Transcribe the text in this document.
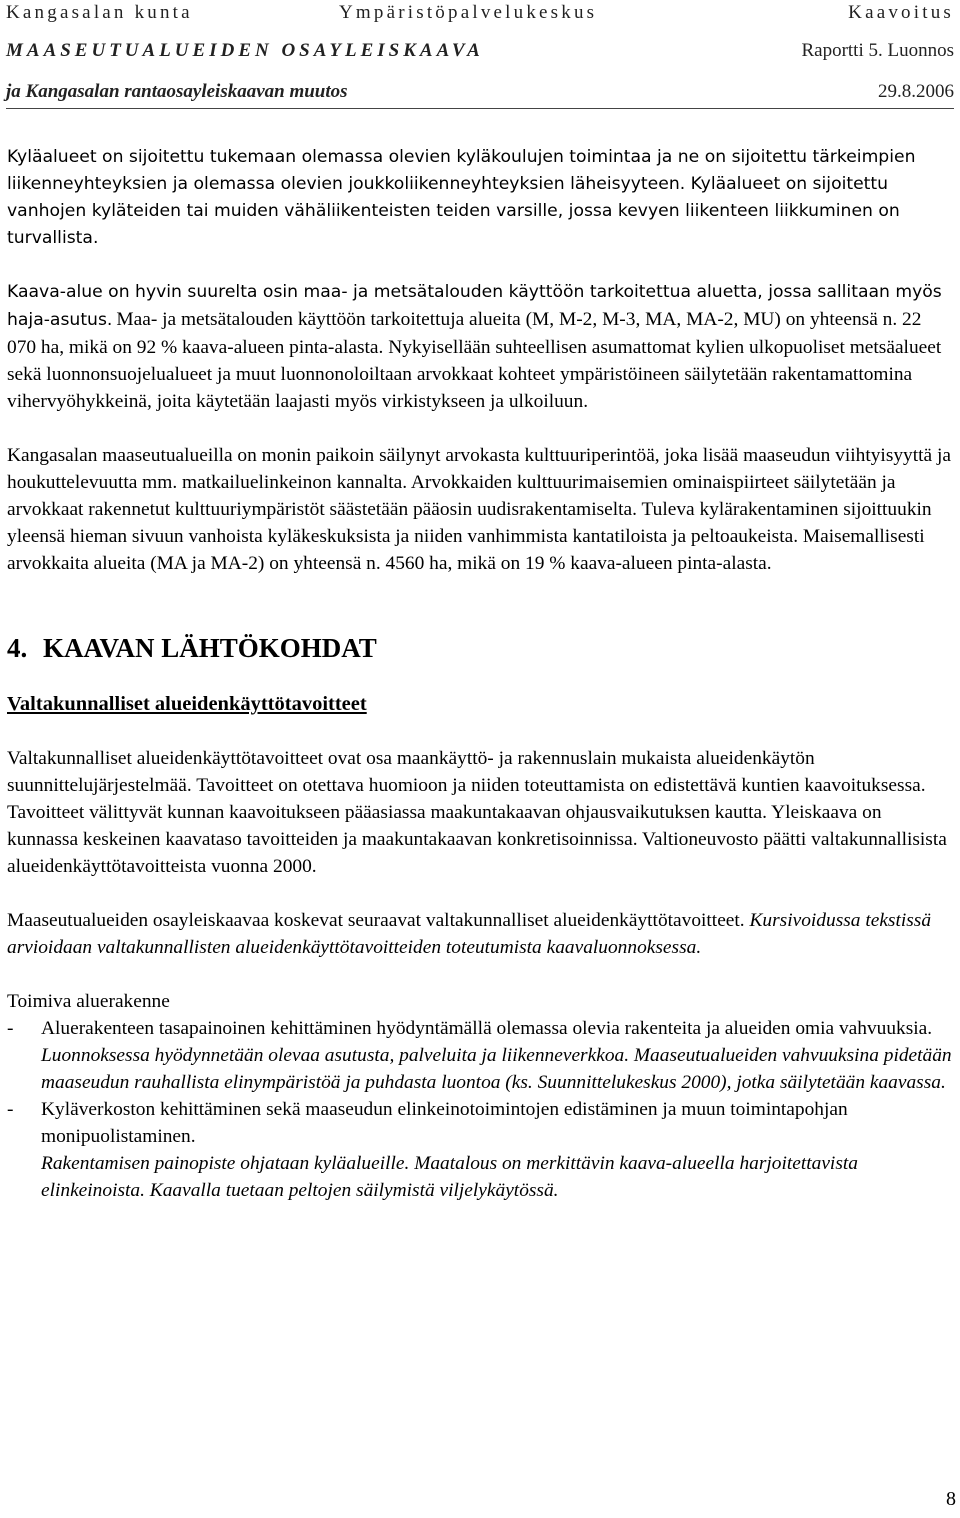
Kangasalan kunta	Ympäristöpalvelukeskus	Kaavoitus
MAASEUTUALUEIDEN OSAYLEISKAAVA	Raportti 5. Luonnos
ja Kangasalan rantaosayleiskaavan muutos	29.8.2006

Kyläalueet on sijoitettu tukemaan olemassa olevien kyläkoulujen toimintaa ja ne on sijoitettu tärkeimpien liikenneyhteyksien ja olemassa olevien joukkoliikenneyhteyksien läheisyyteen. Kyläalueet on sijoitettu vanhojen kyläteiden tai muiden vähäliikenteisten teiden varsille, jossa kevyen liikenteen liikkuminen on turvallista.

Kaava-alue on hyvin suurelta osin maa- ja metsätalouden käyttöön tarkoitettua aluetta, jossa sallitaan myös haja-asutus. Maa- ja metsätalouden käyttöön tarkoitettuja alueita (M, M-2, M-3, MA, MA-2, MU) on yhteensä n. 22 070 ha, mikä on 92 % kaava-alueen pinta-alasta. Nykyisellään suhteellisen asumattomat kylien ulkopuoliset metsäalueet sekä luonnonsuojelualueet ja muut luonnonoloiltaan arvokkaat kohteet ympäristöineen säilytetään rakentamattomina vihervyöhykkeinä, joita käytetään laajasti myös virkistykseen ja ulkoiluun.

Kangasalan maaseutualueilla on monin paikoin säilynyt arvokasta kulttuuriperintöä, joka lisää maaseudun viihtyisyyttä ja houkuttelevuutta mm. matkailuelinkeinon kannalta. Arvokkaiden kulttuurimaisemien ominaispiirteet säilytetään ja arvokkaat rakennetut kulttuuriympäristöt säästetään pääosin uudisrakentamiselta. Tuleva kylärakentaminen sijoittuukin yleensä hieman sivuun vanhoista kyläkeskuksista ja niiden vanhimmista kantatiloista ja peltoaukeista. Maisemallisesti arvokkaita alueita (MA ja MA-2) on yhteensä n. 4560 ha, mikä on 19 % kaava-alueen pinta-alasta.

4. KAAVAN LÄHTÖKOHDAT
Valtakunnalliset alueidenkäyttötavoitteet

Valtakunnalliset alueidenkäyttötavoitteet ovat osa maankäyttö- ja rakennuslain mukaista alueidenkäytön suunnittelujärjestelmää. Tavoitteet on otettava huomioon ja niiden toteuttamista on edistettävä kuntien kaavoituksessa. Tavoitteet välittyvät kunnan kaavoitukseen pääasiassa maakuntakaavan ohjausvaikutuksen kautta. Yleiskaava on kunnassa keskeinen kaavataso tavoitteiden ja maakuntakaavan konkretisoinnissa. Valtioneuvosto päätti valtakunnallisista alueidenkäyttötavoitteista vuonna 2000.

Maaseutualueiden osayleiskaavaa koskevat seuraavat valtakunnalliset alueidenkäyttötavoitteet. Kursivoidussa tekstissä arvioidaan valtakunnallisten alueidenkäyttötavoitteiden toteutumista kaavaluonnoksessa.

Toimiva aluerakenne

-	Aluerakenteen tasapainoinen kehittäminen hyödyntämällä olemassa olevia rakenteita ja alueiden omia vahvuuksia.
Luonnoksessa hyödynnetään olevaa asutusta, palveluita ja liikenneverkkoa. Maaseutualueiden vahvuuksina pidetään maaseudun rauhallista elinympäristöä ja puhdasta luontoa (ks. Suunnittelukeskus 2000), jotka säilytetään kaavassa.
-	Kyläverkoston kehittäminen sekä maaseudun elinkeinotoimintojen edistäminen ja muun toimintapohjan monipuolistaminen.
Rakentamisen painopiste ohjataan kyläalueille. Maatalous on merkittävin kaava-alueella harjoitettavista elinkeinoista. Kaavalla tuetaan peltojen säilymistä viljelykäytössä.
8
